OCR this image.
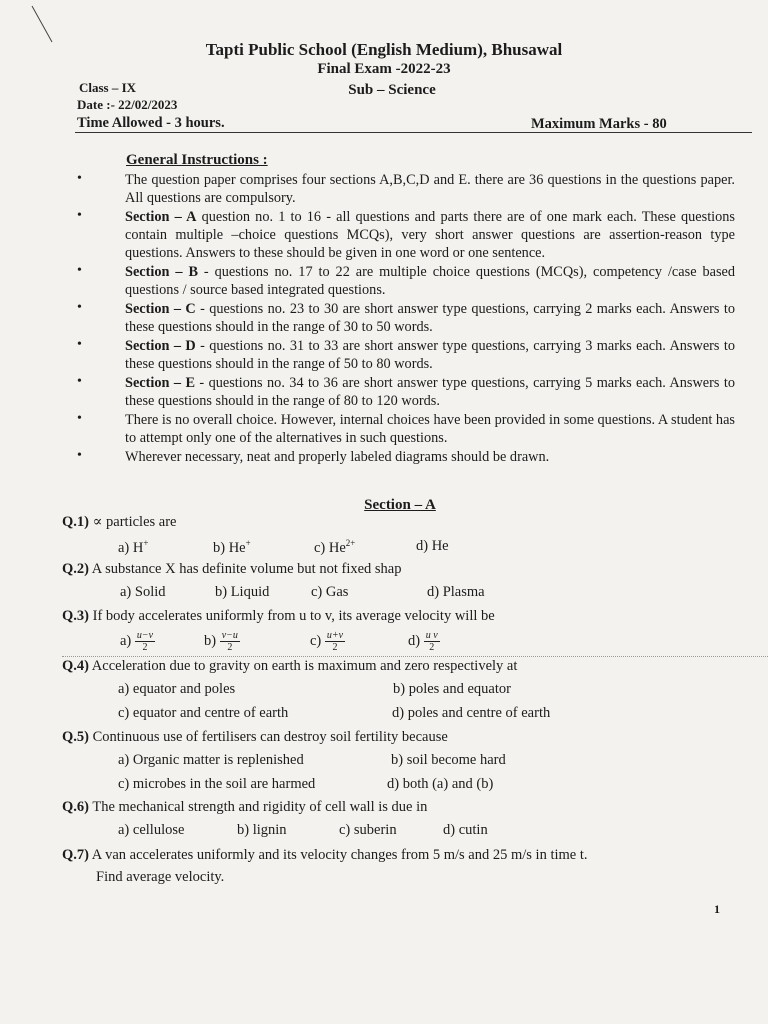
Tapti Public School (English Medium), Bhusawal
Final Exam -2022-23
Sub – Science
Class – IX
Date :- 22/02/2023
Time Allowed - 3 hours.	Maximum Marks - 80
General Instructions :
•	The question paper comprises four sections A,B,C,D and E. there are 36 questions in the questions paper. All questions are compulsory.
•	Section – A question no. 1 to 16 - all questions and parts there are of one mark each. These questions contain multiple –choice questions MCQs), very short answer questions are assertion-reason type questions. Answers to these should be given in one word or one sentence.
•	Section – B - questions no. 17 to 22 are multiple choice questions (MCQs), competency /case based questions / source based integrated questions.
•	Section – C - questions no. 23 to 30 are short answer type questions, carrying 2 marks each. Answers to these questions should in the range of 30 to 50 words.
•	Section – D - questions no. 31 to 33 are short answer type questions, carrying 3 marks each. Answers to these questions should in the range of 50 to 80 words.
•	Section – E - questions no. 34 to 36 are short answer type questions, carrying 5 marks each. Answers to these questions should in the range of 80 to 120 words.
•	There is no overall choice. However, internal choices have been provided in some questions. A student has to attempt only one of the alternatives in such questions.
•	Wherever necessary, neat and properly labeled diagrams should be drawn.
Section – A
Q.1) ∝ particles are
a) H+	b) He+	c) $He^{2+}$	d) He
Q.2) A substance X has definite volume but not fixed shap
a) Solid	b) Liquid	c) Gas	d) Plasma
Q.3) If body accelerates uniformly from u to v, its average velocity will be
$a) \frac{u-v}{2}$	$b) \frac{v-u}{2}$	$c) \frac{u+v}{2}$	$d) \frac{\text{u v}}{2}$
Q.4) Acceleration due to gravity on earth is maximum and zero respectively at
a) equator and poles	b) poles and equator
c) equator and centre of earth	d) poles and centre of earth
Q.5) Continuous use of fertilisers can destroy soil fertility because
a) Organic matter is replenished	b) soil become hard
c) microbes in the soil are harmed	d) both (a) and (b)
Q.6) The mechanical strength and rigidity of cell wall is due in
a) cellulose	b) lignin	c) suberin	d) cutin
Q.7) A van accelerates uniformly and its velocity changes from 5 m/s and 25 m/s in time t.
Find average velocity.
1
